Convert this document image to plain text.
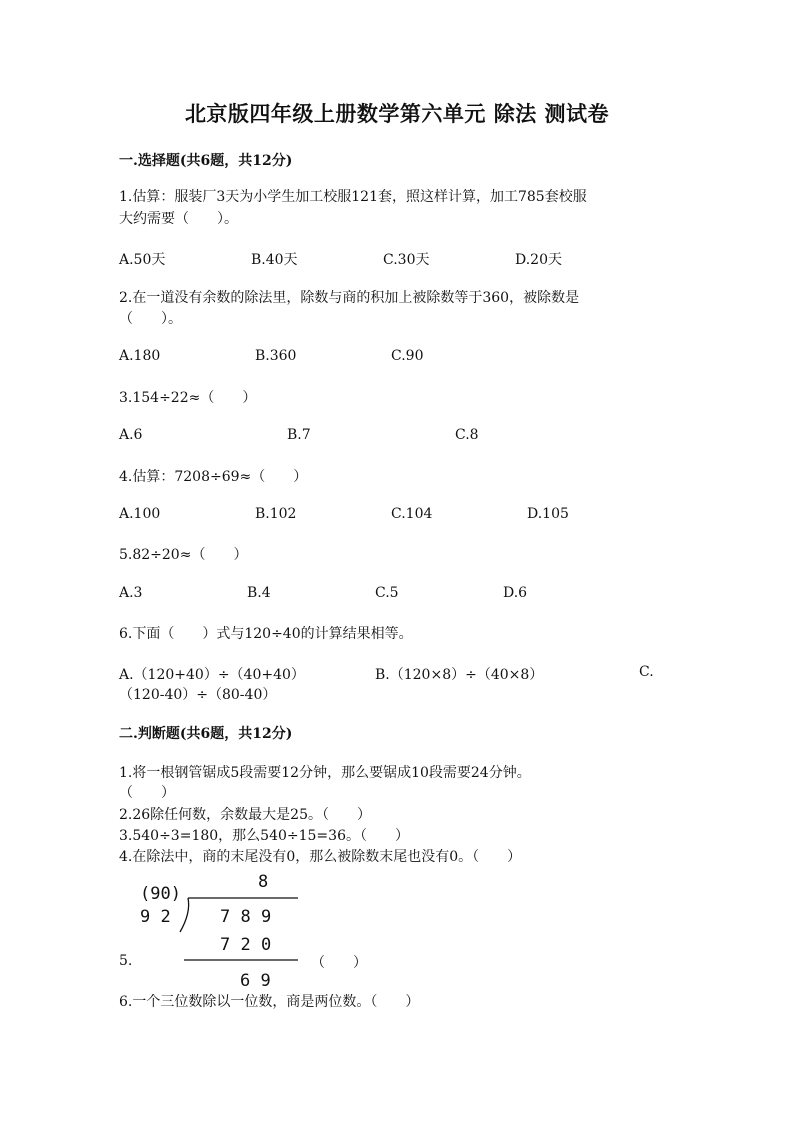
北京版四年级上册数学第六单元 除法 测试卷
一.选择题(共6题，共12分)
1.估算：服装厂3天为小学生加工校服121套，照这样计算，加工785套校服
大约需要（　　）。
A.50天	B.40天	C.30天	D.20天
2.在一道没有余数的除法里，除数与商的积加上被除数等于360，被除数是
（　　）。
A.180	B.360	C.90
3.154÷22≈（　　）
A.6	B.7	C.8
4.估算：7208÷69≈（　　）
A.100	B.102	C.104	D.105
5.82÷20≈（　　）
A.3	B.4	C.5	D.6
6.下面（　　）式与120÷40的计算结果相等。
A.（120+40）÷（40+40）	B.（120×8）÷（40×8）	C.
（120-40）÷（80-40）
二.判断题(共6题，共12分)
1.将一根钢管锯成5段需要12分钟，那么要锯成10段需要24分钟。
（　　）
2.26除任何数，余数最大是25。（　　）
3.540÷3=180，那么540÷15=36。（　　）
4.在除法中，商的末尾没有0，那么被除数末尾也没有0。（　　）
8
(90)
9 2	7 8 9
7 2 0
6 9
5.	（　　）
6.一个三位数除以一位数，商是两位数。（　　）
